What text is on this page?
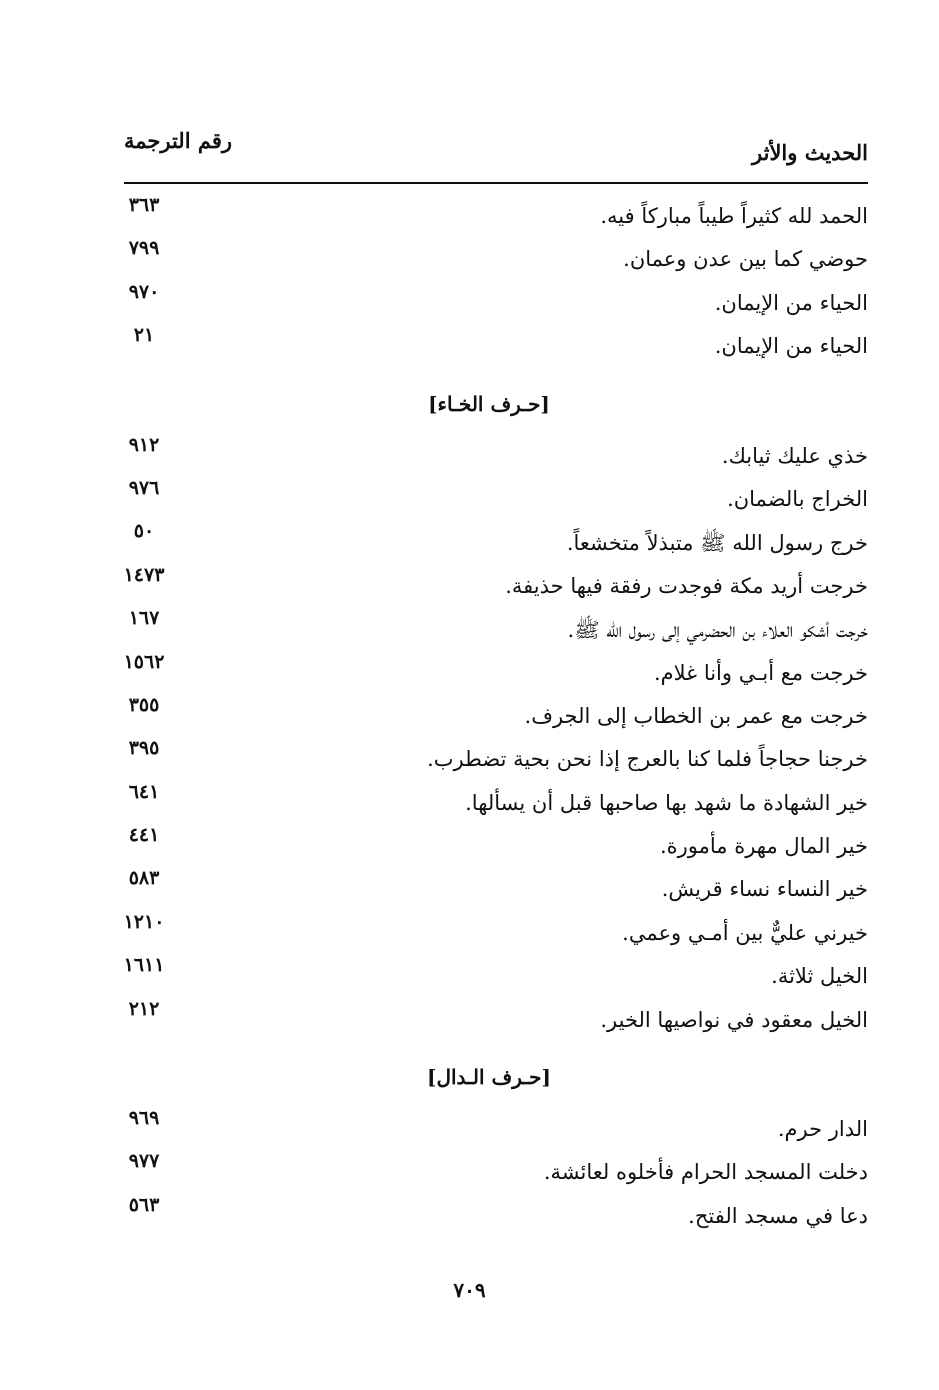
الحديث والأثر
رقم الترجمة
الحمد لله كثيراً طيباً مباركاً فيه.
٣٦٣
حوضي كما بين عدن وعمان.
٧٩٩
الحياء من الإيمان.
٩٧٠
الحياء من الإيمان.
٢١
[حـرف الخـاء]
خذي عليك ثيابك.
٩١٢
الخراج بالضمان.
٩٧٦
خرج رسول الله ﷺ متبذلاً متخشعاً.
٥٠
خرجت أريد مكة فوجدت رفقة فيها حذيفة.
١٤٧٣
خرجت أشكو العلاء بن الحضرمي إلى رسول الله ﷺ.
١٦٧
خرجت مع أبـي وأنا غلام.
١٥٦٢
خرجت مع عمر بن الخطاب إلى الجرف.
٣٥٥
خرجنا حجاجاً فلما كنا بالعرج إذا نحن بحية تضطرب.
٣٩٥
خير الشهادة ما شهد بها صاحبها قبل أن يسألها.
٦٤١
خير المال مهرة مأمورة.
٤٤١
خير النساء نساء قريش.
٥٨٣
خيرني عليٌّ بين أمـي وعمي.
١٢١٠
الخيل ثلاثة.
١٦١١
الخيل معقود في نواصيها الخير.
٢١٢
[حـرف الـدال]
الدار حرم.
٩٦٩
دخلت المسجد الحرام فأخلوه لعائشة.
٩٧٧
دعا في مسجد الفتح.
٥٦٣
٧٠٩
